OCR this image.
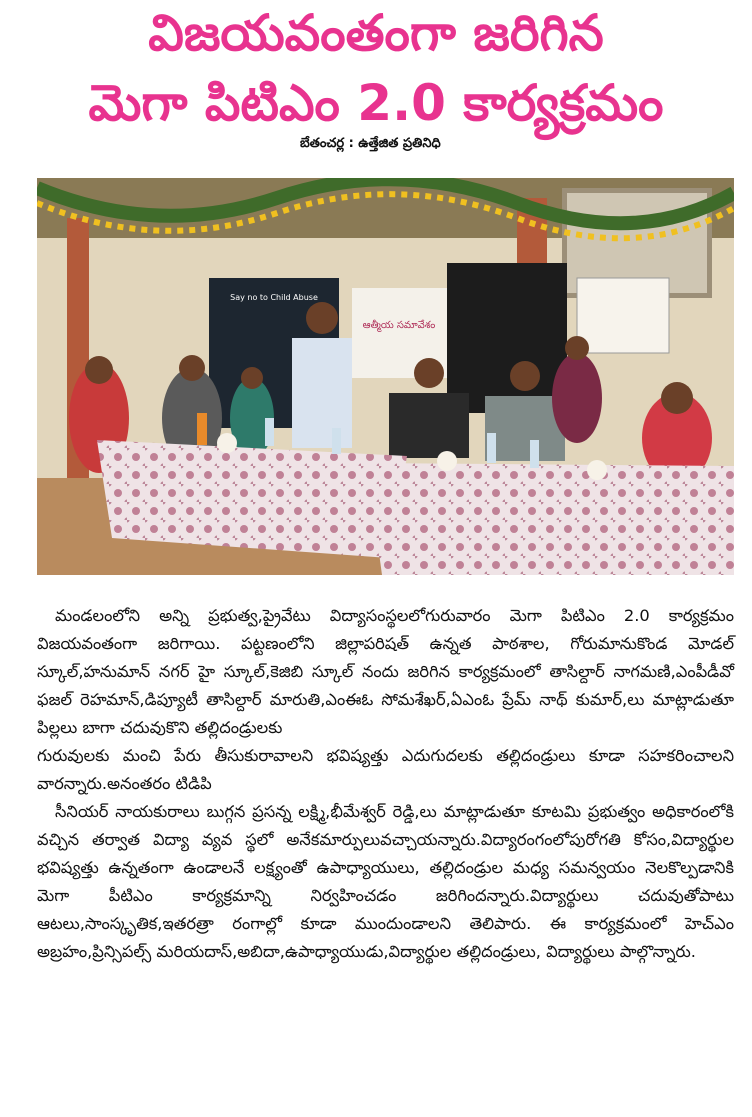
విజయవంతంగా జరిగిన
మెగా పిటిఎం 2.0 కార్యక్రమం
బేతంచర్ల : ఉత్తేజిత ప్రతినిధి
Say no to Child Abuse
ఆత్మీయ సమావేశం

మండలంలోని అన్ని ప్రభుత్వ,ప్రైవేటు విద్యాసంస్థలలోగురువారం మెగా పిటిఎం 2.0 కార్యక్రమం విజయవంతంగా జరిగాయి. పట్టణంలోని జిల్లాపరిషత్ ఉన్నత పాఠశాల, గోరుమానుకొండ మోడల్ స్కూల్,హనుమాన్ నగర్ హై స్కూల్,కెజిబి స్కూల్ నందు జరిగిన కార్యక్రమంలో తాసిల్దార్ నాగమణి,ఎంపీడీవో ఫజల్ రెహమాన్,డిప్యూటీ తాసిల్దార్ మారుతి,ఎంఈఓ సోమశేఖర్,ఏఎంఓ ప్రేమ్ నాథ్ కుమార్,లు మాట్లాడుతూ పిల్లలు బాగా చదువుకొని తల్లిదండ్రులకు

గురువులకు మంచి పేరు తీసుకురావాలని భవిష్యత్తు ఎదుగుదలకు తల్లిదండ్రులు కూడా సహకరించాలని వారన్నారు.అనంతరం టిడిపి

సీనియర్ నాయకురాలు బుగ్గన ప్రసన్న లక్ష్మి,భీమేశ్వర్ రెడ్డి,లు మాట్లాడుతూ కూటమి ప్రభుత్వం అధికారంలోకి వచ్చిన తర్వాత విద్యా వ్యవ స్థలో అనేకమార్పులువచ్చాయన్నారు.విద్యారంగంలోపురోగతి కోసం,విద్యార్థుల భవిష్యత్తు ఉన్నతంగా ఉండాలనే లక్ష్యంతో ఉపాధ్యాయులు, తల్లిదండ్రుల మధ్య సమన్వయం నెలకొల్పడానికి మెగా పీటిఎం కార్యక్రమాన్ని నిర్వహించడం జరిగిందన్నారు.విద్యార్థులు చదువుతోపాటు ఆటలు,సాంస్కృతిక,ఇతరత్రా రంగాల్లో కూడా ముందుండాలని తెలిపారు. ఈ కార్యక్రమంలో హెచ్ఎం అబ్రహం,ప్రిన్సిపల్స్ మరియదాస్,అబిదా,ఉపాధ్యాయుడు,విద్యార్థుల తల్లిదండ్రులు, విద్యార్థులు పాల్గొన్నారు.
